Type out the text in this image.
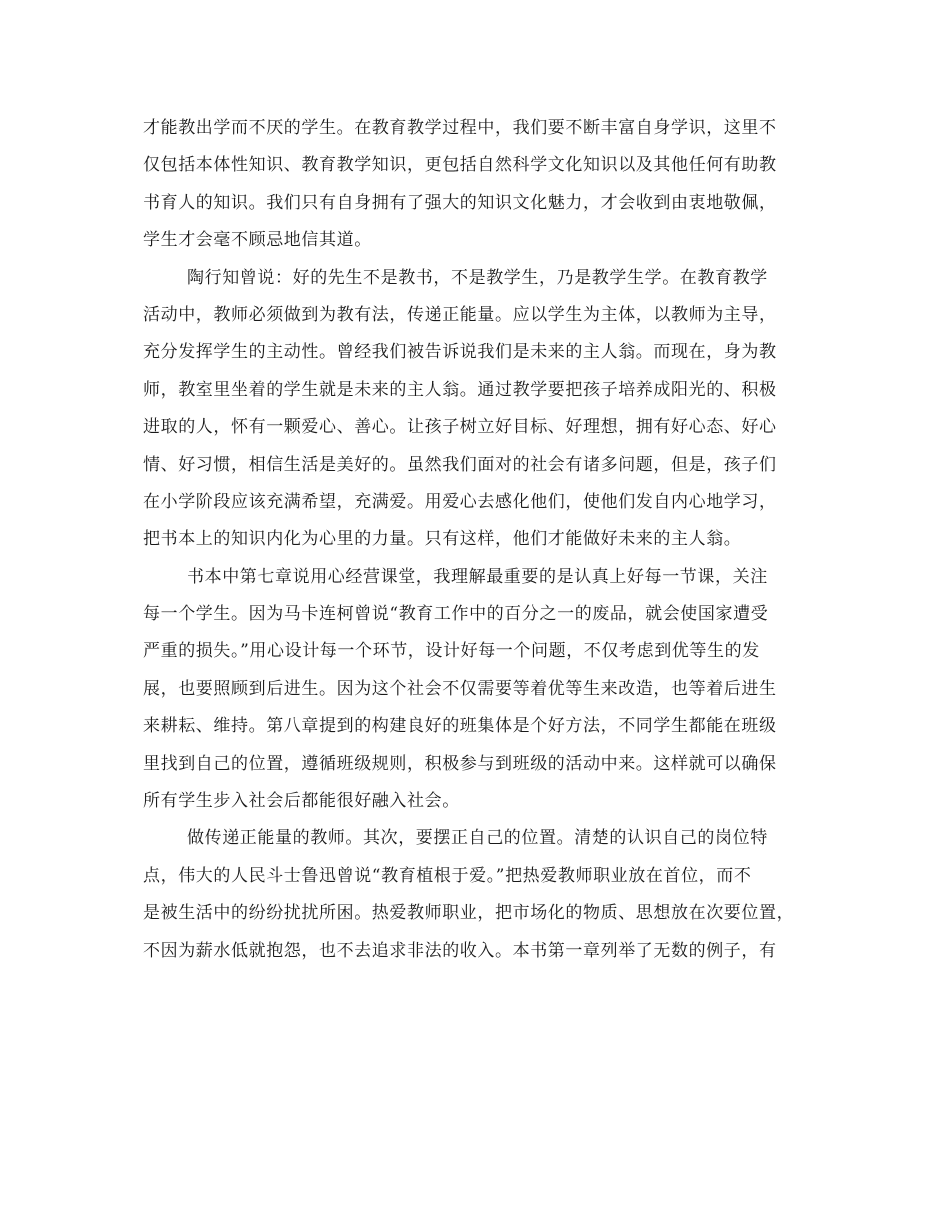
才能教出学而不厌的学生。在教育教学过程中，我们要不断丰富自身学识，这里不
仅包括本体性知识、教育教学知识，更包括自然科学文化知识以及其他任何有助教
书育人的知识。我们只有自身拥有了强大的知识文化魅力，才会收到由衷地敬佩，
学生才会毫不顾忌地信其道。

陶行知曾说：好的先生不是教书，不是教学生，乃是教学生学。在教育教学
活动中，教师必须做到为教有法，传递正能量。应以学生为主体，以教师为主导，
充分发挥学生的主动性。曾经我们被告诉说我们是未来的主人翁。而现在，身为教
师，教室里坐着的学生就是未来的主人翁。通过教学要把孩子培养成阳光的、积极
进取的人，怀有一颗爱心、善心。让孩子树立好目标、好理想，拥有好心态、好心
情、好习惯，相信生活是美好的。虽然我们面对的社会有诸多问题，但是，孩子们
在小学阶段应该充满希望，充满爱。用爱心去感化他们，使他们发自内心地学习，
把书本上的知识内化为心里的力量。只有这样，他们才能做好未来的主人翁。

书本中第七章说用心经营课堂，我理解最重要的是认真上好每一节课，关注
每一个学生。因为马卡连柯曾说“教育工作中的百分之一的废品，就会使国家遭受
严重的损失。”用心设计每一个环节，设计好每一个问题，不仅考虑到优等生的发
展，也要照顾到后进生。因为这个社会不仅需要等着优等生来改造，也等着后进生
来耕耘、维持。第八章提到的构建良好的班集体是个好方法，不同学生都能在班级
里找到自己的位置，遵循班级规则，积极参与到班级的活动中来。这样就可以确保
所有学生步入社会后都能很好融入社会。

做传递正能量的教师。其次，要摆正自己的位置。清楚的认识自己的岗位特
点，伟大的人民斗士鲁迅曾说“教育植根于爱。”把热爱教师职业放在首位，而不
是被生活中的纷纷扰扰所困。热爱教师职业，把市场化的物质、思想放在次要位置，
不因为薪水低就抱怨，也不去追求非法的收入。本书第一章列举了无数的例子，有
